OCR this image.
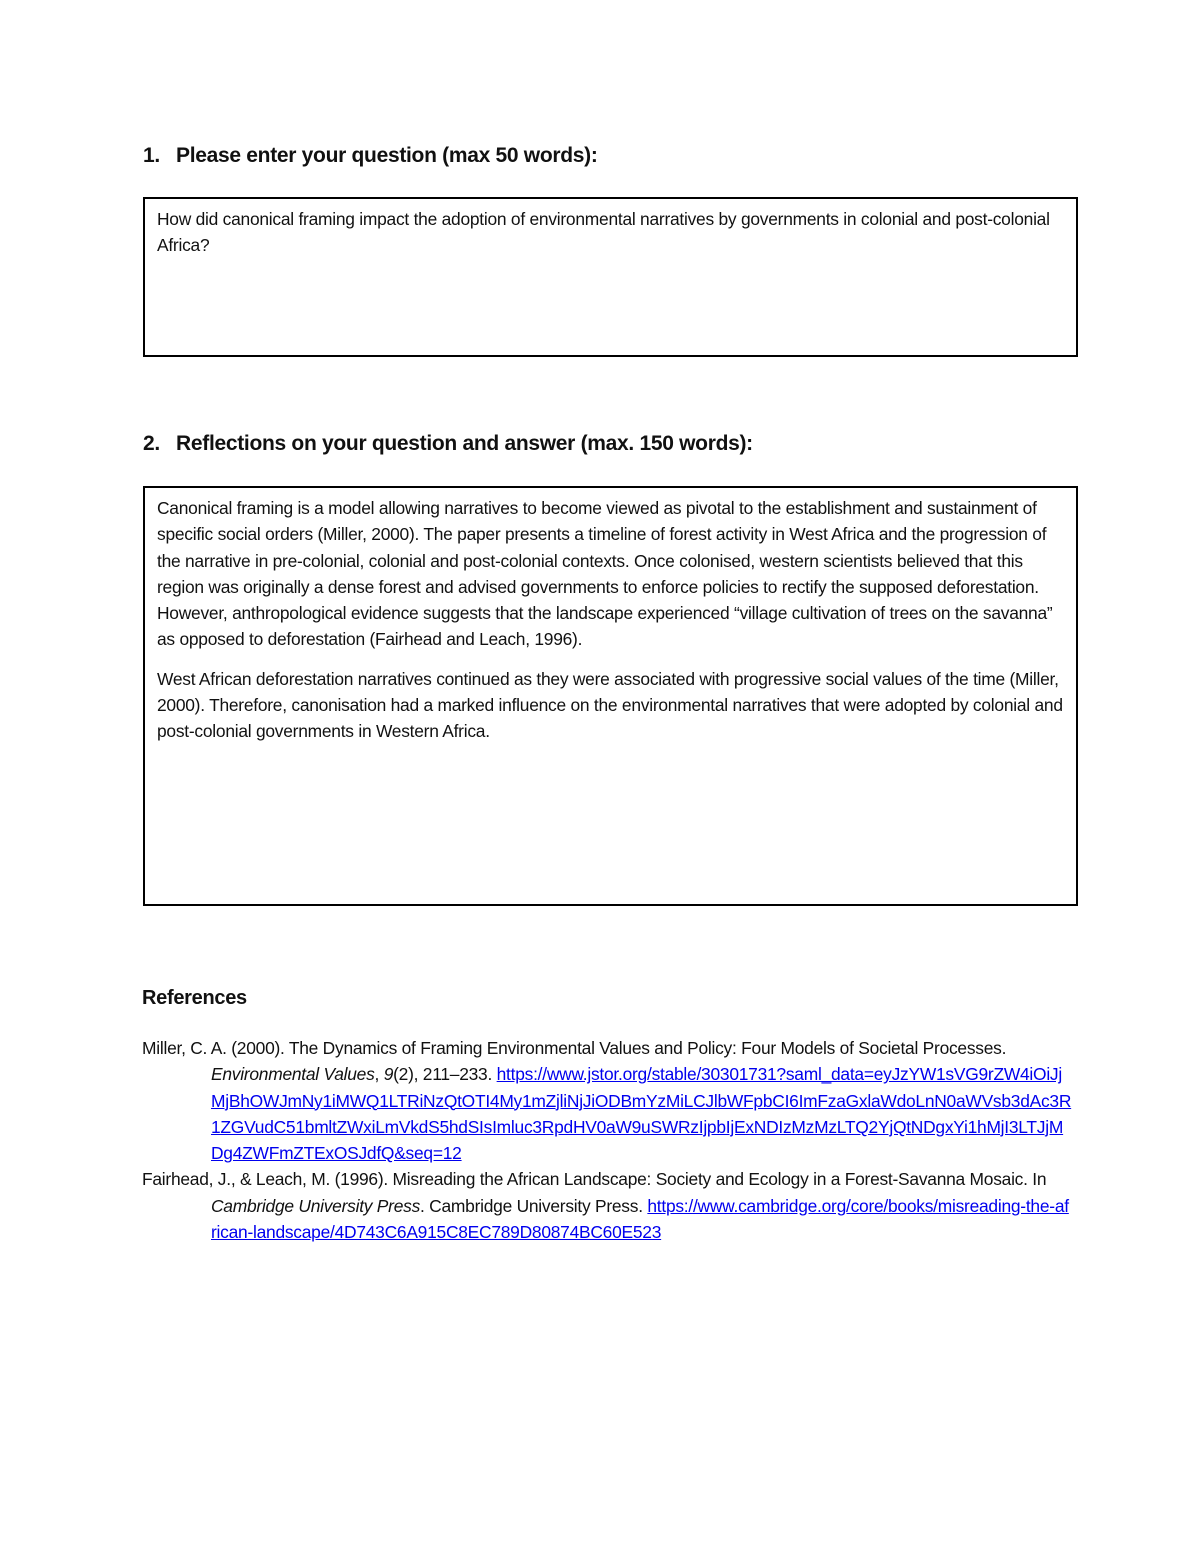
1. Please enter your question (max 50 words):

How did canonical framing impact the adoption of environmental narratives by governments in colonial and post-colonial Africa?

2. Reflections on your question and answer (max. 150 words):

Canonical framing is a model allowing narratives to become viewed as pivotal to the establishment and sustainment of specific social orders (Miller, 2000). The paper presents a timeline of forest activity in West Africa and the progression of the narrative in pre-colonial, colonial and post-colonial contexts. Once colonised, western scientists believed that this region was originally a dense forest and advised governments to enforce policies to rectify the supposed deforestation. However, anthropological evidence suggests that the landscape experienced “village cultivation of trees on the savanna” as opposed to deforestation (Fairhead and Leach, 1996).

West African deforestation narratives continued as they were associated with progressive social values of the time (Miller, 2000). Therefore, canonisation had a marked influence on the environmental narratives that were adopted by colonial and post-colonial governments in Western Africa.

References

Miller, C. A. (2000). The Dynamics of Framing Environmental Values and Policy: Four Models of Societal Processes. Environmental Values, 9(2), 211–233. https://www.jstor.org/stable/30301731?saml_data=eyJzYW1sVG9rZW4iOiJjMjBhOWJmNy1iMWQ1LTRiNzQtOTI4My1mZjliNjJiODBmYzMiLCJlbWFpbCI6ImFzaGxlaWdoLnN0aWVsb3dAc3R1ZGVudC51bmltZWxiLmVkdS5hdSIsImluc3RpdHV0aW9uSWRzIjpbIjExNDIzMzMzLTQ2YjQtNDgxYi1hMjI3LTJjMDg4ZWFmZTExOSJdfQ&seq=12

Fairhead, J., & Leach, M. (1996). Misreading the African Landscape: Society and Ecology in a Forest-Savanna Mosaic. In Cambridge University Press. Cambridge University Press. https://www.cambridge.org/core/books/misreading-the-african-landscape/4D743C6A915C8EC789D80874BC60E523
